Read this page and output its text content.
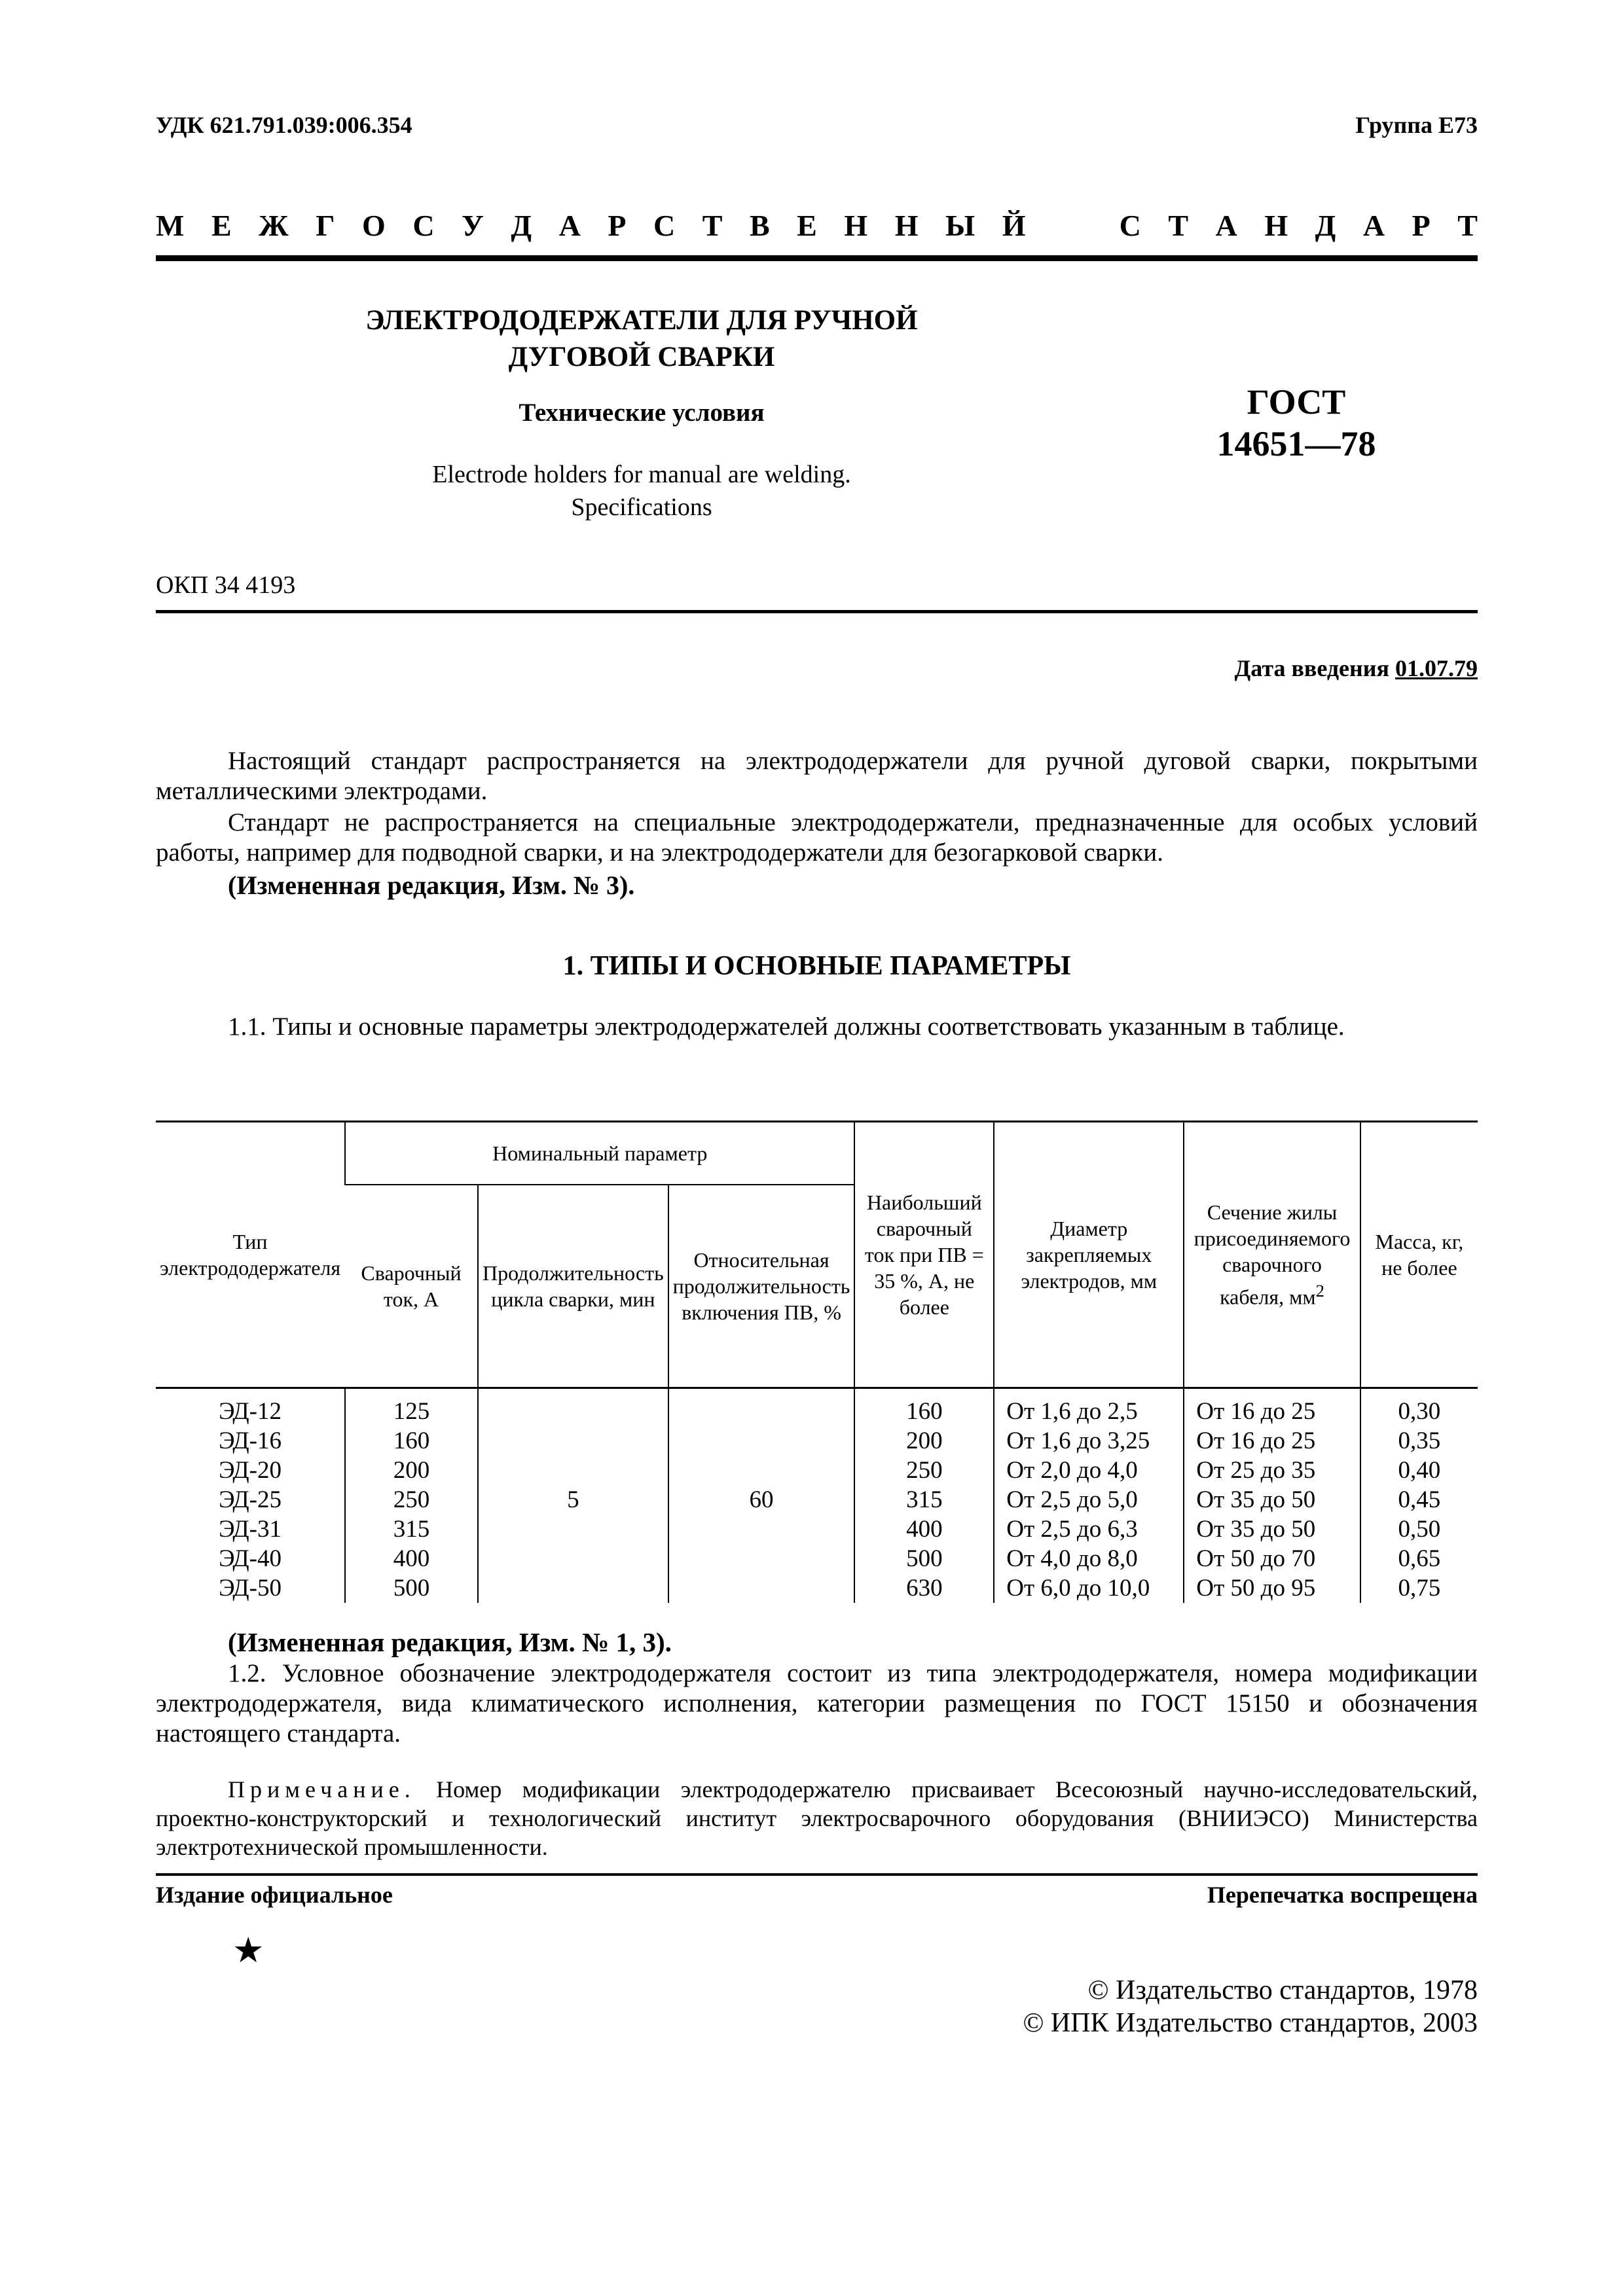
УДК 621.791.039:006.354	Группа Е73
М Е Ж Г О С У Д А Р С Т В Е Н Н Ы Й	С Т А Н Д А Р Т
ЭЛЕКТРОДОДЕРЖАТЕЛИ ДЛЯ РУЧНОЙ
ДУГОВОЙ СВАРКИ
Технические условия
Electrode holders for manual are welding.
Specifications
ГОСТ
14651—78
ОКП 34 4193
Дата введения 01.07.79
Настоящий стандарт распространяется на электрододержатели для ручной дуговой сварки, покрытыми металлическими электродами.
Стандарт не распространяется на специальные электрододержатели, предназначенные для особых условий работы, например для подводной сварки, и на электрододержатели для безогарковой сварки.
(Измененная редакция, Изм. № 3).
1. ТИПЫ И ОСНОВНЫЕ ПАРАМЕТРЫ
1.1. Типы и основные параметры электрододержателей должны соответствовать указанным в таблице.
Тип электрододержателя	Номинальный параметр			Наибольший сварочный ток при ПВ = 35 %, А, не более	Диаметр закрепляемых электродов, мм	Сечение жилы присоединяемого сварочного кабеля, $мм^2$	Масса, кг, не более
	Сварочный ток, А	Продолжительность цикла сварки, мин	Относительная продолжительность включения ПВ, %				
ЭД-12	125	5	60	160	От 1,6 до 2,5	От 16 до 25	0,30
ЭД-16	160			200	От 1,6 до 3,25	От 16 до 25	0,35
ЭД-20	200			250	От 2,0 до 4,0	От 25 до 35	0,40
ЭД-25	250			315	От 2,5 до 5,0	От 35 до 50	0,45
ЭД-31	315			400	От 2,5 до 6,3	От 35 до 50	0,50
ЭД-40	400			500	От 4,0 до 8,0	От 50 до 70	0,65
ЭД-50	500			630	От 6,0 до 10,0	От 50 до 95	0,75
(Измененная редакция, Изм. № 1, 3).
1.2. Условное обозначение электрододержателя состоит из типа электрододержателя, номера модификации электрододержателя, вида климатического исполнения, категории размещения по ГОСТ 15150 и обозначения настоящего стандарта.
Примечание. Номер модификации электрододержателю присваивает Всесоюзный научно-исследовательский, проектно-конструкторский и технологический институт электросварочного оборудования (ВНИИЭСО) Министерства электротехнической промышленности.
Издание официальное	Перепечатка воспрещена
★
© Издательство стандартов, 1978
© ИПК Издательство стандартов, 2003
